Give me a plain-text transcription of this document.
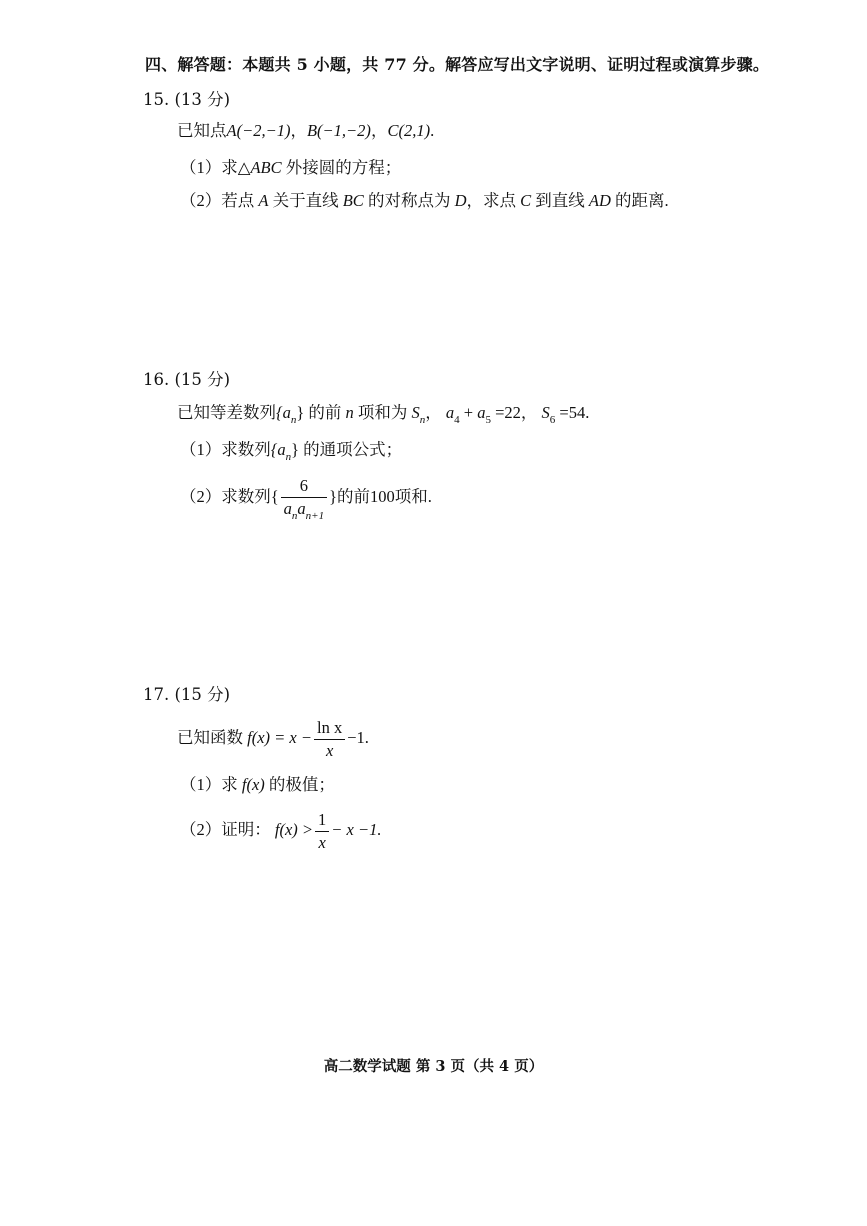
四、解答题：本题共 5 小题，共 77 分。解答应写出文字说明、证明过程或演算步骤。
15. (13 分)
已知点A(−2,−1)，B(−1,−2)，C(2,1).
（1）求△ABC 外接圆的方程；
（2）若点 A 关于直线 BC 的对称点为 D，求点 C 到直线 AD 的距离.
16. (15 分)
已知等差数列$\{a_n\}$ 的前 n 项和为 $S_n$， $a_4 + a_5 =22$， $S_6 =54$.
（1）求数列$\{a_n\}$ 的通项公式；
（2）求数列{ $\frac{6}{a_na_{n+1}}$ }的前100项和.
17. (15 分)
已知函数 $f(x) = x - \frac{\text{ln x}}{x} -1$.
（1）求 f(x) 的极值；
（2）证明： $f(x) > \frac{1}{x} - x -1$.
高二数学试题 第 3 页（共 4 页）
